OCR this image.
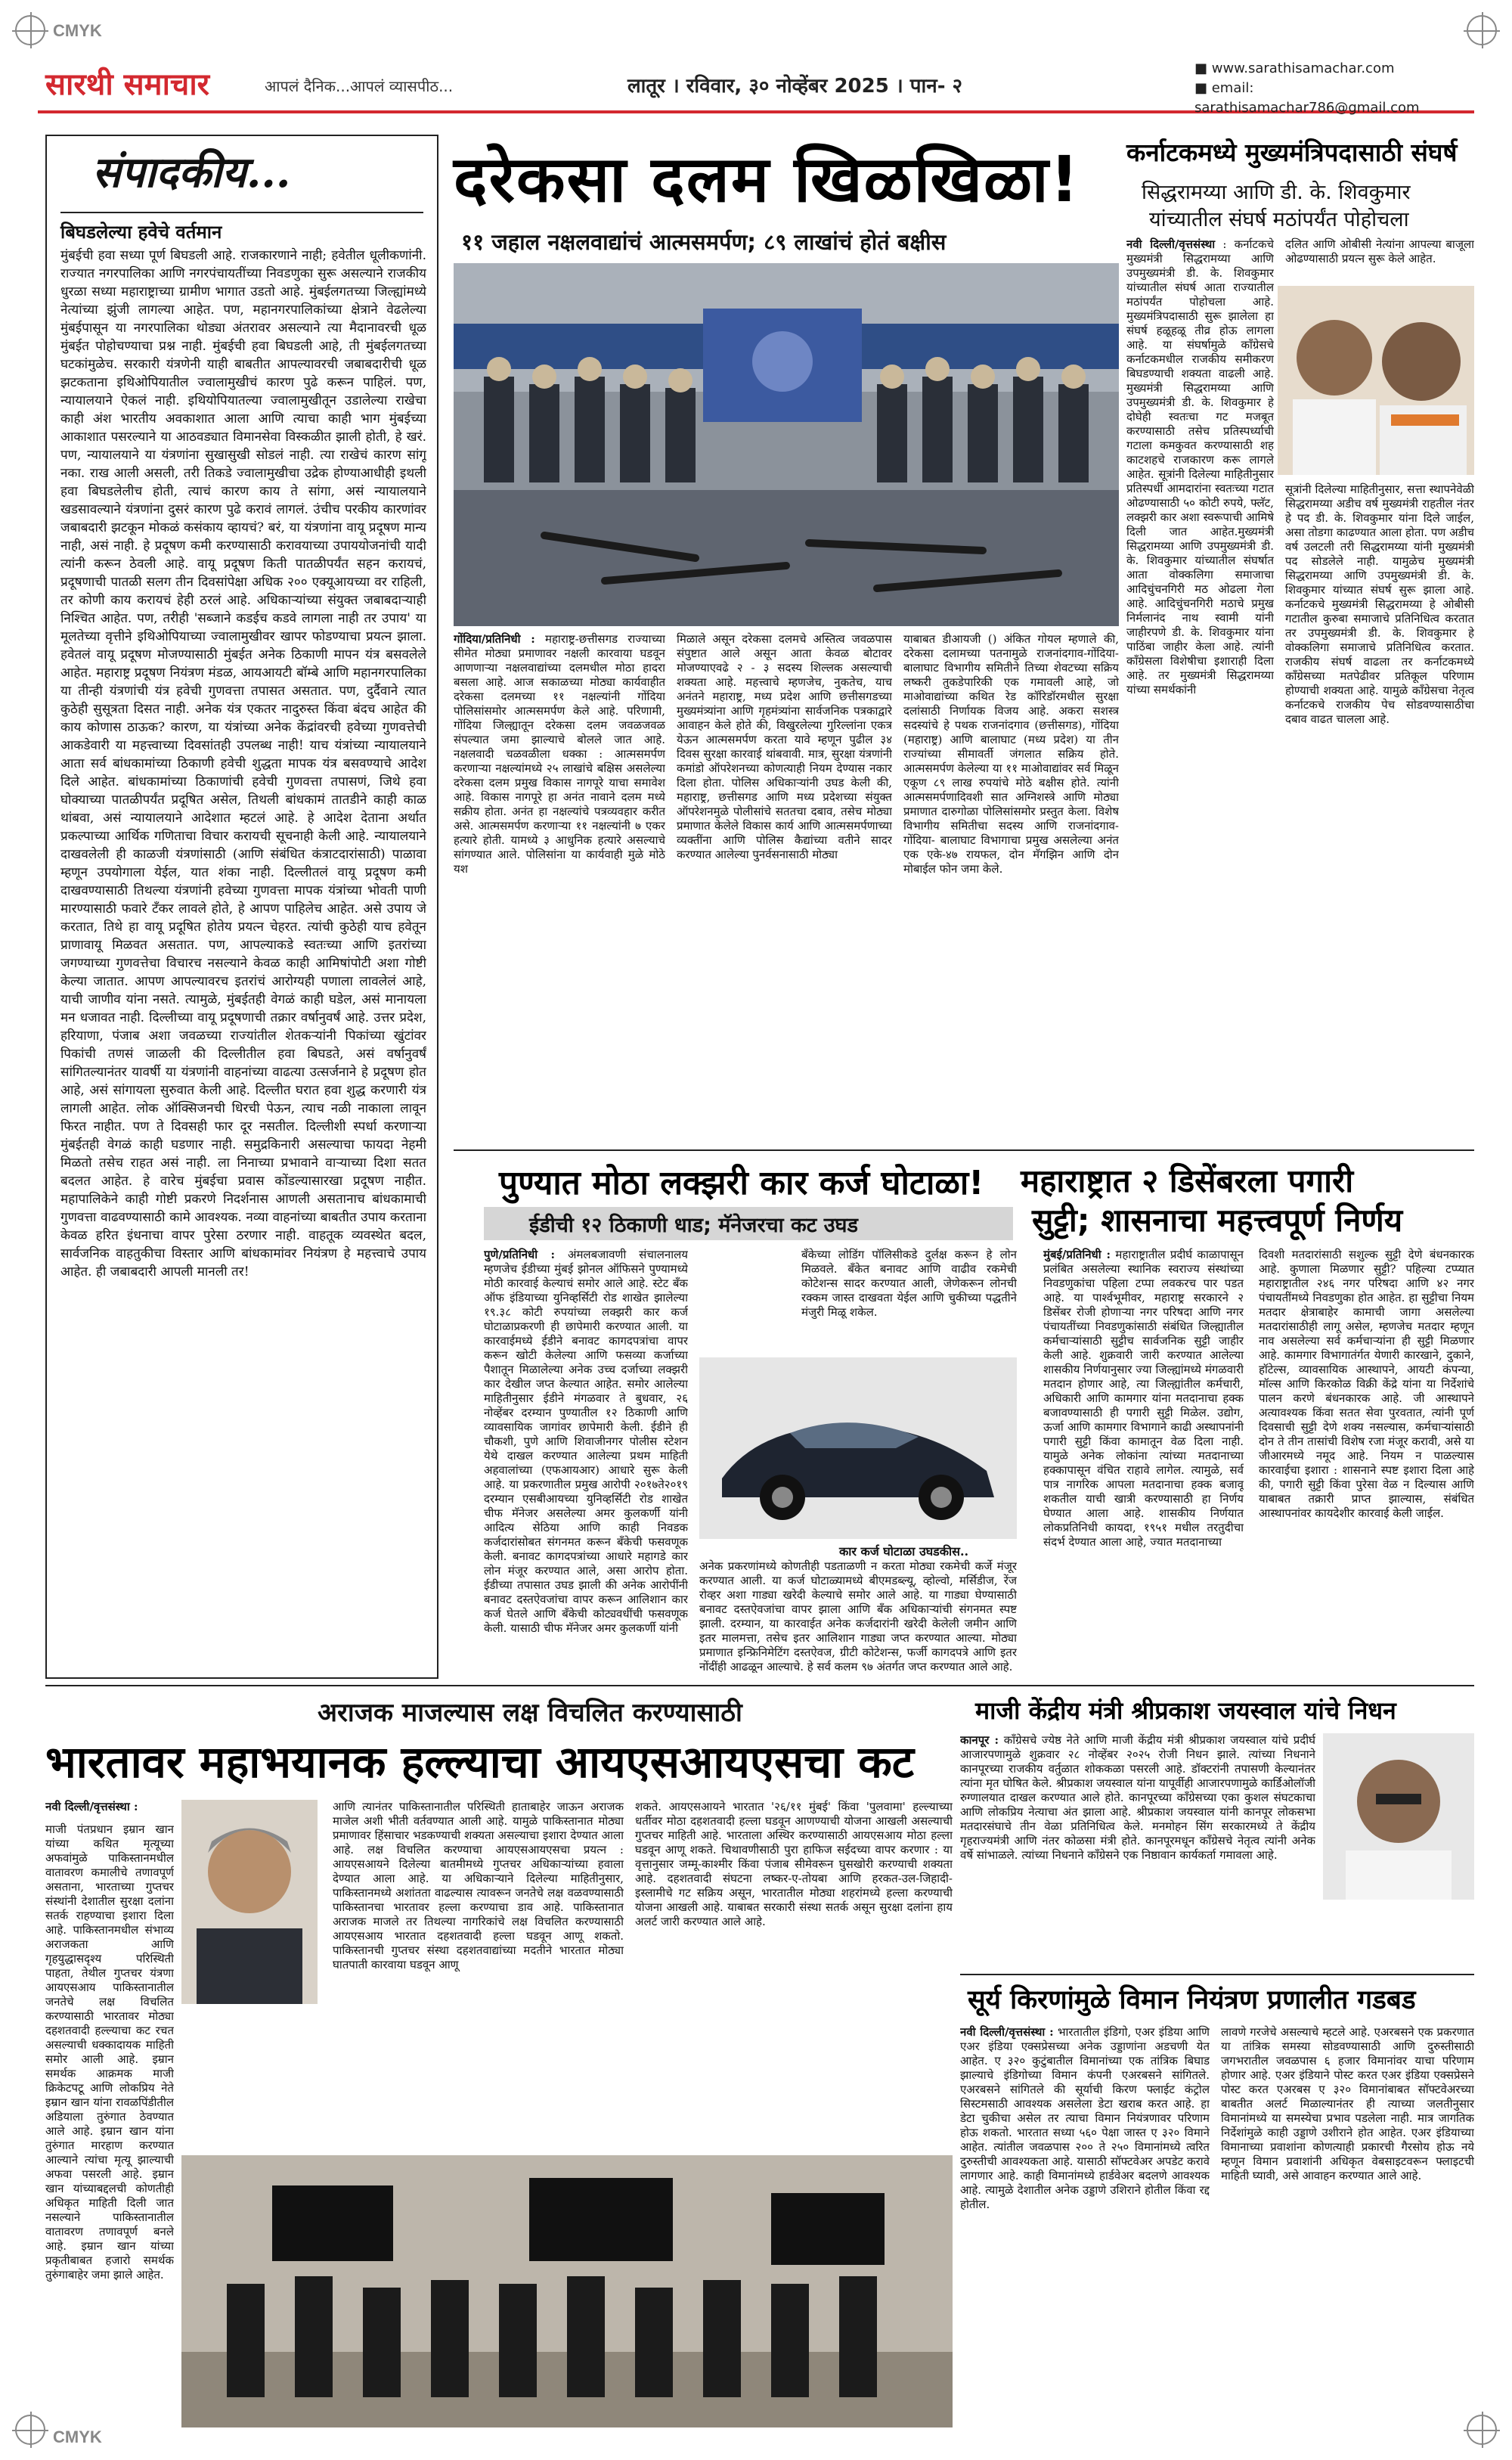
CMYK
CMYK
सारथी समाचार	आपलं दैनिक...आपलं व्यासपीठ...	लातूर । रविवार, ३० नोव्हेंबर 2025 । पान- २
■ www.sarathisamachar.com
■ email: sarathisamachar786@gmail.com
संपादकीय...
बिघडलेल्या हवेचे वर्तमान
मुंबईची हवा सध्या पूर्ण बिघडली आहे. राजकारणाने नाही; हवेतील धूलीकणांनी. राज्यात नगरपालिका आणि नगरपंचायतींच्या निवडणुका सुरू असल्याने राजकीय धुरळा सध्या महाराष्ट्राच्या ग्रामीण भागात उडतो आहे. मुंबईलगतच्या जिल्ह्यांमध्ये नेत्यांच्या झुंजी लागल्या आहेत. पण, महानगरपालिकांच्या क्षेत्राने वेढलेल्या मुंबईपासून या नगरपालिका थोड्या अंतरावर असल्याने त्या मैदानावरची धूळ मुंबईत पोहोचण्याचा प्रश्न नाही. मुंबईची हवा बिघडली आहे, ती मुंबईलगतच्या घटकांमुळेच. सरकारी यंत्रणेनी याही बाबतीत आपल्यावरची जबाबदारीची धूळ झटकताना इथिओपियातील ज्वालामुखीचं कारण पुढे करून पाहिलं. पण, न्यायालयाने ऐकलं नाही. इथियोपियातल्या ज्वालामुखीतून उडालेल्या राखेचा काही अंश भारतीय अवकाशात आला आणि त्याचा काही भाग मुंबईच्या आकाशात पसरल्याने या आठवड्यात विमानसेवा विस्कळीत झाली होती, हे खरं. पण, न्यायालयाने या यंत्रणांना सुखासुखी सोडलं नाही. त्या राखेचं कारण सांगू नका. राख आली असली, तरी तिकडे ज्वालामुखीचा उद्रेक होण्याआधीही इथली हवा बिघडलेलीच होती, त्याचं कारण काय ते सांगा, असं न्यायालयाने खडसावल्याने यंत्रणांना दुसरं कारण पुढे करावं लागलं. उंचीच परकीय कारणांवर जबाबदारी झटकून मोकळं कसंकाय व्हायचं? बरं, या यंत्रणांना वायू प्रदूषण मान्य नाही, असं नाही. हे प्रदूषण कमी करण्यासाठी करावयाच्या उपाययोजनांची यादी त्यांनी करून ठेवली आहे. वायू प्रदूषण किती पातळीपर्यंत सहन करायचं, प्रदूषणाची पातळी सलग तीन दिवसांपेक्षा अधिक २०० एक्यूआयच्या वर राहिली, तर कोणी काय करायचं हेही ठरलं आहे. अधिकाऱ्यांच्या संयुक्त जबाबदाऱ्याही निश्चित आहेत. पण, तरीही 'सब्जाने कडईच कडवे लागला नाही तर उपाय' या मूलतेच्या वृत्तीने इथिओपियाच्या ज्वालामुखीवर खापर फोडण्याचा प्रयत्न झाला. हवेतलं वायू प्रदूषण मोजण्यासाठी मुंबईत अनेक ठिकाणी मापन यंत्र बसवलेले आहेत. महाराष्ट्र प्रदूषण नियंत्रण मंडळ, आयआयटी बॉम्बे आणि महानगरपालिका या तीन्ही यंत्रणांची यंत्र हवेची गुणवत्ता तपासत असतात. पण, दुर्दैवाने त्यात कुठेही सुसूत्रता दिसत नाही. अनेक यंत्र एकतर नादुरुस्त किंवा बंदच आहेत की काय कोणास ठाऊक? कारण, या यंत्रांच्या अनेक केंद्रांवरची हवेच्या गुणवत्तेची आकडेवारी या महत्त्वाच्या दिवसांतही उपलब्ध नाही! याच यंत्रांच्या न्यायालयाने आता सर्व बांधकामांच्या ठिकाणी हवेची शुद्धता मापक यंत्र बसवण्याचे आदेश दिले आहेत. बांधकामांच्या ठिकाणांची हवेची गुणवत्ता तपासणं, जिथे हवा घोक्याच्या पातळीपर्यंत प्रदूषित असेल, तिथली बांधकामं तातडीने काही काळ थांबवा, असं न्यायालयाने आदेशात म्हटलं आहे. हे आदेश देताना अर्थात प्रकल्पाच्या आर्थिक गणिताचा विचार करायची सूचनाही केली आहे. न्यायालयाने दाखवलेली ही काळजी यंत्रणांसाठी (आणि संबंधित कंत्राटदारांसाठी) पाळावा म्हणून उपयोगाला येईल, यात शंका नाही. दिल्लीतलं वायू प्रदूषण कमी दाखवण्यासाठी तिथल्या यंत्रणांनी हवेच्या गुणवत्ता मापक यंत्रांच्या भोवती पाणी मारण्यासाठी फवारे टँकर लावले होते, हे आपण पाहिलेच आहेत. असे उपाय जे करतात, तिथे हा वायू प्रदूषित होतेय प्रयत्न चेहरत. त्यांची कुठेही याच हवेतून प्राणावायू मिळवत असतात. पण, आपल्याकडे स्वतःच्या आणि इतरांच्या जगण्याच्या गुणवत्तेचा विचारच नसल्याने केवळ काही आमिषांपोटी अशा गोष्टी केल्या जातात. आपण आपल्यावरच इतरांचं आरोग्यही पणाला लावलेलं आहे, याची जाणीव यांना नसते. त्यामुळे, मुंबईतही वेगळं काही घडेल, असं मानायला मन धजावत नाही. दिल्लीच्या वायू प्रदूषणाची तक्रार वर्षानुवर्षं आहे. उत्तर प्रदेश, हरियाणा, पंजाब अशा जवळच्या राज्यांतील शेतकऱ्यांनी पिकांच्या खुंटांवर पिकांची तणसं जाळली की दिल्लीतील हवा बिघडते, असं वर्षानुवर्षं सांगितल्यानंतर यावर्षी या यंत्रणांनी वाहनांच्या वाढत्या उत्सर्जनाने हे प्रदूषण होत आहे, असं सांगायला सुरुवात केली आहे. दिल्लीत घरात हवा शुद्ध करणारी यंत्र लागली आहेत. लोक ऑक्सिजनची धिरची पेऊन, त्याच नळी नाकाला लावून फिरत नाहीत. पण ते दिवसही फार दूर नसतील. दिल्लीशी स्पर्धा करणाऱ्या मुंबईतही वेगळं काही घडणार नाही. समुद्रकिनारी असल्याचा फायदा नेहमी मिळतो तसेच राहत असं नाही. ला निनाच्या प्रभावाने वाऱ्याच्या दिशा सतत बदलत आहेत. हे वारेच मुंबईचा प्रवास कोंडल्यासारखा प्रदूषण नाहीत. महापालिकेने काही गोष्टी प्रकरणे निदर्शनास आणली असतानाच बांधकामाची गुणवत्ता वाढवण्यासाठी कामे आवश्यक. नव्या वाहनांच्या बाबतीत उपाय करताना केवळ हरित इंधनाचा वापर पुरेसा ठरणार नाही. वाहतूक व्यवस्थेत बदल, सार्वजनिक वाहतुकीचा विस्तार आणि बांधकामांवर नियंत्रण हे महत्त्वाचे उपाय आहेत. ही जबाबदारी आपली मानली तर!
दरेकसा दलम खिळखिळा!
११ जहाल नक्षलवाद्यांचं आत्मसमर्पण; ८९ लाखांचं होतं बक्षीस
गोंदिया/प्रतिनिधी : महाराष्ट्र-छत्तीसगड राज्याच्या सीमेत मोठ्या प्रमाणावर नक्षली कारवाया घडवून आणणाऱ्या नक्षलवाद्यांच्या दलमधील मोठा हादरा बसला आहे. आज सकाळच्या मोठ्या कार्यवाहीत दरेकसा दलमच्या ११ नक्षल्यांनी गोंदिया पोलिसांसमोर आत्मसमर्पण केले आहे. परिणामी, गोंदिया जिल्ह्यातून दरेकसा दलम जवळजवळ संपल्यात जमा झाल्याचे बोलले जात आहे. नक्षलवादी चळवळीला धक्का : आत्मसमर्पण करणाऱ्या नक्षल्यांमध्ये २५ लाखांचे बक्षिस असलेल्या दरेकसा दलम प्रमुख विकास नागपूरे याचा समावेश आहे. विकास नागपूरे हा अनंत नावाने दलम मध्ये सक्रीय होता. अनंत हा नक्षल्यांचे पत्रव्यवहार करीत असे. आत्मसमर्पण करणाऱ्या ११ नक्षल्यांनी ७ एकर हत्यारे होती. यामध्ये ३ आधुनिक हत्यारे असल्याचे सांगण्यात आले. पोलिसांना या कार्यवाही मुळे मोठे यश
मिळाले असून दरेकसा दलमचे अस्तित्व जवळपास संपुष्टात आले असून आता केवळ बोटावर मोजण्याएवढे २ - ३ सदस्य शिल्लक असल्याची शक्यता आहे. महत्त्वाचे म्हणजेच, नुकतेच, याच अनंतने महाराष्ट्र, मध्य प्रदेश आणि छत्तीसगडच्या मुख्यमंत्र्यांना आणि गृहमंत्र्यांना सार्वजनिक पत्रकाद्वारे आवाहन केले होते की, विखुरलेल्या गुरिल्लांना एकत्र येऊन आत्मसमर्पण करता यावे म्हणून पुढील ३४ दिवस सुरक्षा कारवाई थांबवावी. मात्र, सुरक्षा यंत्रणांनी कमांडो ऑपरेशनच्या कोणत्याही नियम देण्यास नकार दिला होता. पोलिस अधिकाऱ्यांनी उघड केली की, महाराष्ट्र, छत्तीसगड आणि मध्य प्रदेशच्या संयुक्त ऑपरेशनमुळे पोलीसांचे सततचा दबाव, तसेच मोठ्या प्रमाणात केलेले विकास कार्य आणि आत्मसमर्पणाच्या व्यक्तींना आणि पोलिस कैद्यांच्या वतीने सादर करण्यात आलेल्या पुनर्वसनासाठी मोठ्या
याबाबत डीआयजी () अंकित गोयल म्हणाले की, दरेकसा दलामच्या पतनामुळे राजनांदगाव-गोंदिया-बालाघाट विभागीय समितीने तिच्या शेवटच्या सक्रिय लष्करी तुकडेपारिकी एक गमावली आहे, जो माओवाद्यांच्या कथित रेड कॉरिडॉरमधील सुरक्षा दलांसाठी निर्णायक विजय आहे. अकरा सशस्त्र सदस्यांचे हे पथक राजनांदगाव (छत्तीसगड), गोंदिया (महाराष्ट्र) आणि बालाघाट (मध्य प्रदेश) या तीन राज्यांच्या सीमावर्ती जंगलात सक्रिय होते. आत्मसमर्पण केलेल्या या ११ माओवाद्यांवर सर्व मिळून एकूण ८९ लाख रुपयांचे मोठे बक्षीस होते. त्यांनी आत्मसमर्पणादिवशी सात अग्निशस्त्रे आणि मोठ्या प्रमाणात दारुगोळा पोलिसांसमोर प्रस्तुत केला. विशेष विभागीय समितीचा सदस्य आणि राजनांदगाव-गोंदिया- बालाघाट विभागाचा प्रमुख असलेल्या अनंत एक एके-४७ रायफल, दोन मॅगझिन आणि दोन मोबाईल फोन जमा केले.
कर्नाटकमध्ये मुख्यमंत्रिपदासाठी संघर्ष
सिद्धरामय्या आणि डी. के. शिवकुमार
यांच्यातील संघर्ष मठांपर्यंत पोहोचला
नवी दिल्ली/वृत्तसंस्था : कर्नाटकचे मुख्यमंत्री सिद्धरामय्या आणि उपमुख्यमंत्री डी. के. शिवकुमार यांच्यातील संघर्ष आता राज्यातील मठांपर्यंत पोहोचला आहे. मुख्यमंत्रिपदासाठी सुरू झालेला हा संघर्ष हळूहळू तीव्र होऊ लागला आहे. या संघर्षामुळे काँग्रेसचे कर्नाटकमधील राजकीय समीकरण बिघडण्याची शक्यता वाढली आहे. मुख्यमंत्री सिद्धरामय्या आणि उपमुख्यमंत्री डी. के. शिवकुमार हे दोघेही स्वतःचा गट मजबूत करण्यासाठी तसेच प्रतिस्पर्ध्याची गटाला कमकुवत करण्यासाठी शह काटशहचे राजकारण करू लागले आहेत. सूत्रांनी दिलेल्या माहितीनुसार प्रतिस्पर्धी आमदारांना स्वतःच्या गटात ओढण्यासाठी ५० कोटी रुपये, फ्लॅट, लक्झरी कार अशा स्वरूपाची आमिषे दिली जात आहेत.मुख्यमंत्री सिद्धरामय्या आणि उपमुख्यमंत्री डी. के. शिवकुमार यांच्यातील संघर्षात आता वोक्कलिगा समाजाचा आदिचुंचनगिरी मठ ओढला गेला आहे. आदिचुंचनगिरी मठाचे प्रमुख निर्मलानंद नाथ स्वामी यांनी जाहीरपणे डी. के. शिवकुमार यांना पाठिंबा जाहीर केला आहे. त्यांनी काँग्रेसला विशेषीचा इशाराही दिला आहे. तर मुख्यमंत्री सिद्धरामय्या यांच्या समर्थकांनी
दलित आणि ओबीसी नेत्यांना आपल्या बाजूला ओढण्यासाठी प्रयत्न सुरू केले आहेत.
सूत्रांनी दिलेल्या माहितीनुसार, सत्ता स्थापनेवेळी सिद्धरामय्या अडीच वर्ष मुख्यमंत्री राहतील नंतर हे पद डी. के. शिवकुमार यांना दिले जाईल, असा तोडगा काढण्यात आला होता. पण अडीच वर्ष उलटली तरी सिद्धरामय्या यांनी मुख्यमंत्री पद सोडलेले नाही. यामुळेच मुख्यमंत्री सिद्धरामय्या आणि उपमुख्यमंत्री डी. के. शिवकुमार यांच्यात संघर्ष सुरू झाला आहे. कर्नाटकचे मुख्यमंत्री सिद्धरामय्या हे ओबीसी गटातील कुरुबा समाजाचे प्रतिनिधित्व करतात तर उपमुख्यमंत्री डी. के. शिवकुमार हे वोक्कलिगा समाजाचे प्रतिनिधित्व करतात. राजकीय संघर्ष वाढला तर कर्नाटकमध्ये काँग्रेसच्या मतपेढीवर प्रतिकूल परिणाम होण्याची शक्यता आहे. यामुळे काँग्रेसचा नेतृत्व कर्नाटकचे राजकीय पेच सोडवण्यासाठीचा दबाव वाढत चालला आहे.
पुण्यात मोठा लक्झरी कार कर्ज घोटाळा!
ईडीची १२ ठिकाणी धाड; मॅनेजरचा कट उघड
पुणे/प्रतिनिधी : अंमलबजावणी संचालनालय म्हणजेच ईडीच्या मुंबई झोनल ऑफिसने पुण्यामध्ये मोठी कारवाई केल्याचं समोर आले आहे. स्टेट बँक ऑफ इंडियाच्या युनिव्हर्सिटी रोड शाखेत झालेल्या १९.३८ कोटी रुपयांच्या लक्झरी कार कर्ज घोटाळाप्रकरणी ही छापेमारी करण्यात आली. या कारवाईमध्ये ईडीने बनावट कागदपत्रांचा वापर करून खोटी केलेल्या आणि फसव्या कर्जाच्या पैशातून मिळालेल्या अनेक उच्च दर्जाच्या लक्झरी कार देखील जप्त केल्यात आहेत. समोर आलेल्या माहितीनुसार ईडीने मंगळवार ते बुधवार, २६ नोव्हेंबर दरम्यान पुण्यातील १२ ठिकाणी आणि व्यावसायिक जागांवर छापेमारी केली. ईडीने ही चौकशी, पुणे आणि शिवाजीनगर पोलीस स्टेशन येथे दाखल करण्यात आलेल्या प्रथम माहिती अहवालांच्या (एफआयआर) आधारे सुरू केली आहे. या प्रकरणातील प्रमुख आरोपी २०१७ते२०१९ दरम्यान एसबीआयच्या युनिव्हर्सिटी रोड शाखेत चीफ मॅनेजर असलेल्या अमर कुलकर्णी यांनी आदित्य सेठिया आणि काही निवडक कर्जदारांसोबत संगनमत करून बँकेची फसवणूक केली. बनावट कागदपत्रांच्या आधारे महागडे कार लोन मंजूर करण्यात आले, असा आरोप होता. ईडीच्या तपासात उघड झाली की अनेक आरोपींनी बनावट दस्तऐवजांचा वापर करून आलिशान कार कर्ज घेतले आणि बँकेची कोट्यवधींची फसवणूक केली. यासाठी चीफ मॅनेजर अमर कुलकर्णी यांनी
बँकेच्या लोडिंग पॉलिसीकडे दुर्लक्ष करून हे लोन मिळवले. बँकेत बनावट आणि वाढीव रकमेची कोटेशन्स सादर करण्यात आली, जेणेकरून लोनची रक्कम जास्त दाखवता येईल आणि चुकीच्या पद्धतीने मंजुरी मिळू शकेल.
कार कर्ज घोटाळा उघडकीस..
अनेक प्रकरणांमध्ये कोणतीही पडताळणी न करता मोठ्या रकमेची कर्जे मंजूर करण्यात आली. या कर्ज घोटाळ्यामध्ये बीएमडब्ल्यू, व्होल्वो, मर्सिडीज, रेंज रोव्हर अशा गाड्या खरेदी केल्याचे समोर आले आहे. या गाड्या घेण्यासाठी बनावट दस्तऐवजांचा वापर झाला आणि बँक अधिकाऱ्यांची संगनमत स्पष्ट झाली. दरम्यान, या कारवाईत अनेक कर्जदारांनी खरेदी केलेली जमीन आणि इतर मालमत्ता, तसेच इतर आलिशान गाड्या जप्त करण्यात आल्या. मोठ्या प्रमाणात इन्फ्रिनिमेटिंग दस्तऐवज, ग्रीटी कोटेशन्स, फर्जी कागदपत्रे आणि इतर नोंदींही आढळून आल्याचे. हे सर्व कलम ९७ अंतर्गत जप्त करण्यात आले आहे.
महाराष्ट्रात २ डिसेंबरला पगारी
सुट्टी; शासनाचा महत्त्वपूर्ण निर्णय
मुंबई/प्रतिनिधी : महाराष्ट्रातील प्रदीर्घ काळापासून प्रलंबित असलेल्या स्थानिक स्वराज्य संस्थांच्या निवडणुकांचा पहिला टप्पा लवकरच पार पडत आहे. या पार्श्वभूमीवर, महाराष्ट्र सरकारने २ डिसेंबर रोजी होणाऱ्या नगर परिषदा आणि नगर पंचायतींच्या निवडणुकांसाठी संबंधित जिल्ह्यातील कर्मचाऱ्यांसाठी सुट्टीच सार्वजनिक सुट्टी जाहीर केली आहे. शुक्रवारी जारी करण्यात आलेल्या शासकीय निर्णयानुसार ज्या जिल्ह्यांमध्ये मंगळवारी मतदान होणार आहे, त्या जिल्ह्यांतील कर्मचारी, अधिकारी आणि कामगार यांना मतदानाचा हक्क बजावण्यासाठी ही पगारी सुट्टी मिळेल. उद्योग, ऊर्जा आणि कामगार विभागाने काढी अस्थापनांनी पगारी सुट्टी किंवा कामातून वेळ दिला नाही. यामुळे अनेक लोकांना त्यांच्या मतदानाच्या हक्कापासून वंचित राहावे लागेल. त्यामुळे, सर्व पात्र नागरिक आपला मतदानाचा हक्क बजावू शकतील याची खात्री करण्यासाठी हा निर्णय घेण्यात आला आहे. शासकीय निर्णयात लोकप्रतिनिधी कायदा, १९५१ मधील तरतुदीचा संदर्भ देण्यात आला आहे, ज्यात मतदानाच्या
दिवशी मतदारांसाठी सशुल्क सुट्टी देणे बंधनकारक आहे. कुणाला मिळणार सुट्टी? पहिल्या टप्प्यात महाराष्ट्रातील २४६ नगर परिषदा आणि ४२ नगर पंचायतींमध्ये निवडणुका होत आहेत. हा सुट्टीचा नियम मतदार क्षेत्राबाहेर कामाची जागा असलेल्या मतदारांसाठीही लागू असेल, म्हणजेच मतदार म्हणून नाव असलेल्या सर्व कर्मचाऱ्यांना ही सुट्टी मिळणार आहे. कामगार विभागातंर्गत येणारी कारखाने, दुकाने, हॉटेल्स, व्यावसायिक आस्थापने, आयटी कंपन्या, मॉल्स आणि किरकोळ विक्री केंद्रे यांना या निर्देशांचे पालन करणे बंधनकारक आहे. जी आस्थापने अत्यावश्यक किंवा सतत सेवा पुरवतात, त्यांनी पूर्ण दिवसाची सुट्टी देणे शक्य नसल्यास, कर्मचाऱ्यांसाठी दोन ते तीन तासांची विशेष रजा मंजूर करावी, असे या जीआरमध्ये नमूद आहे. नियम न पाळल्यास कारवाईचा इशारा : शासनाने स्पष्ट इशारा दिला आहे की, पगारी सुट्टी किंवा पुरेसा वेळ न दिल्यास आणि याबाबत तक्रारी प्राप्त झाल्यास, संबंधित आस्थापनांवर कायदेशीर कारवाई केली जाईल.
अराजक माजल्यास लक्ष विचलित करण्यासाठी
भारतावर महाभयानक हल्ल्याचा आयएसआयएसचा कट
नवी दिल्ली/वृत्तसंस्था :
माजी पंतप्रधान इम्रान खान यांच्या कथित मृत्यूच्या अफवांमुळे पाकिस्तानमधील वातावरण कमालीचे तणावपूर्ण असताना, भारताच्या गुप्तचर संस्थांनी देशातील सुरक्षा दलांना सतर्क राहण्याचा इशारा दिला आहे. पाकिस्तानमधील संभाव्य अराजकता आणि गृहयुद्धासदृश्य परिस्थिती पाहता, तेथील गुप्तचर यंत्रणा आयएसआय पाकिस्तानातील जनतेचे लक्ष विचलित करण्यासाठी भारतावर मोठ्या दहशतवादी हल्ल्याचा कट रचत असल्याची धक्कादायक माहिती समोर आली आहे. इम्रान समर्थक आक्रमक माजी क्रिकेटपटू आणि लोकप्रिय नेते इम्रान खान यांना रावळपिंडीतील अडियाला तुरुंगात ठेवण्यात आले आहे. इम्रान खान यांना तुरुंगात मारहाण करण्यात आल्याने त्यांचा मृत्यू झाल्याची अफवा पसरली आहे. इम्रान खान यांच्याबद्दलची कोणतीही अधिकृत माहिती दिली जात नसल्याने पाकिस्तानातील वातावरण तणावपूर्ण बनले आहे. इम्रान खान यांच्या प्रकृतीबाबत हजारो समर्थक तुरुंगाबाहेर जमा झाले आहेत.
आणि त्यानंतर पाकिस्तानातील परिस्थिती हाताबाहेर जाऊन अराजक माजेल अशी भीती वर्तवण्यात आली आहे. यामुळे पाकिस्तानात मोठ्या प्रमाणावर हिंसाचार भडकण्याची शक्यता असल्याचा इशारा देण्यात आला आहे. लक्ष विचलित करण्याचा आयएसआयएसचा प्रयत्न : आयएसआयने दिलेल्या बातमीमध्ये गुप्तचर अधिकाऱ्यांच्या हवाला देण्यात आला आहे. या अधिकाऱ्याने दिलेल्या माहितीनुसार, पाकिस्तानमध्ये अशांतता वाढल्यास त्यावरून जनतेचे लक्ष वळवण्यासाठी पाकिस्तानचा भारतावर हल्ला करण्याचा डाव आहे. पाकिस्तानात अराजक माजले तर तिथल्या नागरिकांचे लक्ष विचलित करण्यासाठी आयएसआय भारतात दहशतवादी हल्ला घडवून आणू शकतो. पाकिस्तानची गुप्तचर संस्था दहशतवाद्यांच्या मदतीने भारतात मोठ्या घातपाती कारवाया घडवून आणू
शकते. आयएसआयने भारतात '२६/११ मुंबई' किंवा 'पुलवामा' हल्ल्याच्या धर्तीवर मोठा दहशतवादी हल्ला घडवून आणण्याची योजना आखली असल्याची गुप्तचर माहिती आहे. भारताला अस्थिर करण्यासाठी आयएसआय मोठा हल्ला घडवून आणू शकते. चिथावणीसाठी पुरा हाफिज सईदच्या वापर करणार : या वृत्तानुसार जम्मू-काश्मीर किंवा पंजाब सीमेवरून घुसखोरी करण्याची शक्यता आहे. दहशतवादी संघटना लष्कर-ए-तोयबा आणि हरकत-उल-जिहादी-इस्लामीचे गट सक्रिय असून, भारतातील मोठ्या शहरांमध्ये हल्ला करण्याची योजना आखली आहे. याबाबत सरकारी संस्था सतर्क असून सुरक्षा दलांना हाय अलर्ट जारी करण्यात आले आहे.
माजी केंद्रीय मंत्री श्रीप्रकाश जयस्वाल यांचे निधन
कानपूर : काँग्रेसचे ज्येष्ठ नेते आणि माजी केंद्रीय मंत्री श्रीप्रकाश जयस्वाल यांचे प्रदीर्घ आजारपणामुळे शुक्रवार २८ नोव्हेंबर २०२५ रोजी निधन झाले. त्यांच्या निधनाने कानपूरच्या राजकीय वर्तुळात शोककळा पसरली आहे. डॉक्टरांनी तपासणी केल्यानंतर त्यांना मृत घोषित केले. श्रीप्रकाश जयस्वाल यांना यापूर्वीही आजारपणामुळे कार्डिओलॉजी रुग्णालयात दाखल करण्यात आले होते. कानपूरच्या काँग्रेसच्या एका कुशल संघटकाचा आणि लोकप्रिय नेत्याचा अंत झाला आहे. श्रीप्रकाश जयस्वाल यांनी कानपूर लोकसभा मतदारसंघाचे तीन वेळा प्रतिनिधित्व केले. मनमोहन सिंग सरकारमध्ये ते केंद्रीय गृहराज्यमंत्री आणि नंतर कोळसा मंत्री होते. कानपूरमधून काँग्रेसचे नेतृत्व त्यांनी अनेक वर्षे सांभाळले. त्यांच्या निधनाने काँग्रेसने एक निष्ठावान कार्यकर्ता गमावला आहे.
सूर्य किरणांमुळे विमान नियंत्रण प्रणालीत गडबड
नवी दिल्ली/वृत्तसंस्था : भारतातील इंडिगो, एअर इंडिया आणि एअर इंडिया एक्सप्रेसच्या अनेक उड्डाणांना अडचणी येत आहेत. ए ३२० कुटुंबातील विमानांच्या एक तांत्रिक बिघाड झाल्याचे इंडिगोच्या विमान कंपनी एअरबसने सांगितले. एअरबसने सांगितले की सूर्याची किरण फ्लाईट कंट्रोल सिस्टमसाठी आवश्यक असलेला डेटा खराब करत आहे. हा डेटा चुकीचा असेल तर त्याचा विमान नियंत्रणावर परिणाम होऊ शकतो. भारतात सध्या ५६० पेक्षा जास्त ए ३२० विमाने आहेत. त्यांतील जवळपास २०० ते २५० विमानांमध्ये त्वरित दुरुस्तीची आवश्यकता आहे. यासाठी सॉफ्टवेअर अपडेट करावे लागणार आहे. काही विमानांमध्ये हार्डवेअर बदलणे आवश्यक आहे. त्यामुळे देशातील अनेक उड्डाणे उशिराने होतील किंवा रद्द होतील.
लावणे गरजेचे असल्याचे म्हटले आहे. एअरबसने एक प्रकरणात या तांत्रिक समस्या सोडवण्यासाठी आणि दुरुस्तीसाठी जगभरातील जवळपास ६ हजार विमानांवर याचा परिणाम होणार आहे. एअर इंडियाने पोस्ट करत एअर इंडिया एक्सप्रेसने पोस्ट करत एअरबस ए ३२० विमानांबाबत सॉफ्टवेअरच्या बाबतीत अलर्ट मिळाल्यानंतर ही त्याच्या जलतीनुसार विमानांमध्ये या समस्येचा प्रभाव पडलेला नाही. मात्र जागतिक निर्देशांमुळे काही उड्डाणे उशीराने होत आहेत. एअर इंडियाच्या विमानाच्या प्रवाशांना कोणत्याही प्रकारची गैरसोय होऊ नये म्हणून विमान प्रवाशांनी अधिकृत वेबसाइटवरून फ्लाइटची माहिती घ्यावी, असे आवाहन करण्यात आले आहे.
